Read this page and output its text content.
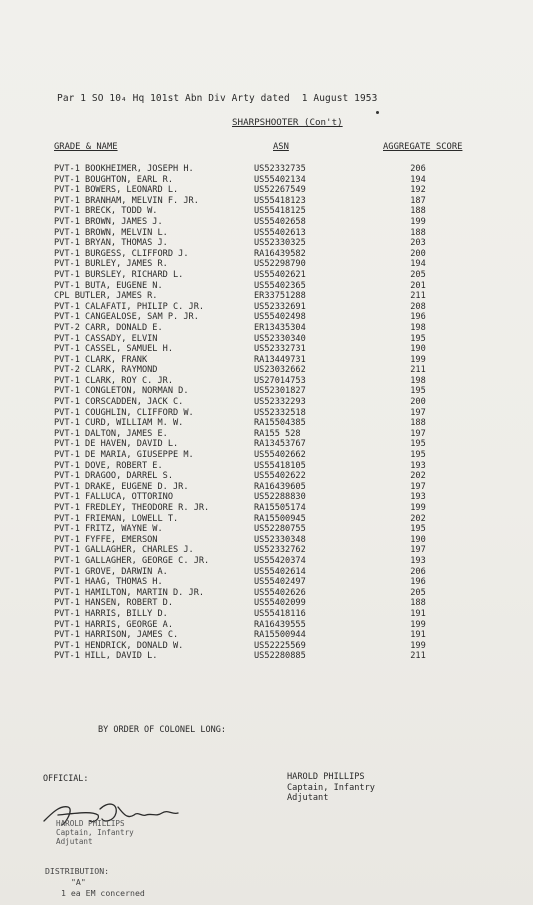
Par 1 SO 10₄ Hq 101st Abn Div Arty dated 1 August 1953
SHARPSHOOTER (Con't)
GRADE & NAME	ASN	AGGREGATE SCORE
PVT-1 BOOKHEIMER, JOSEPH H.	US52332735	206
PVT-1 BOUGHTON, EARL R.	US55402134	194
PVT-1 BOWERS, LEONARD L.	US52267549	192
PVT-1 BRANHAM, MELVIN F. JR.	US55418123	187
PVT-1 BRECK, TODD W.	US55418125	188
PVT-1 BROWN, JAMES J.	US55402658	199
PVT-1 BROWN, MELVIN L.	US55402613	188
PVT-1 BRYAN, THOMAS J.	US52330325	203
PVT-1 BURGESS, CLIFFORD J.	RA16439582	200
PVT-1 BURLEY, JAMES R.	US52298790	194
PVT-1 BURSLEY, RICHARD L.	US55402621	205
PVT-1 BUTA, EUGENE N.	US55402365	201
CPL BUTLER, JAMES R.	ER33751288	211
PVT-1 CALAFATI, PHILIP C. JR.	US52332691	208
PVT-1 CANGEALOSE, SAM P. JR.	US55402498	196
PVT-2 CARR, DONALD E.	ER13435304	198
PVT-1 CASSADY, ELVIN	US52330340	195
PVT-1 CASSEL, SAMUEL H.	US52332731	190
PVT-1 CLARK, FRANK	RA13449731	199
PVT-2 CLARK, RAYMOND	US23032662	211
PVT-1 CLARK, ROY C. JR.	US27014753	198
PVT-1 CONGLETON, NORMAN D.	US52301827	195
PVT-1 CORSCADDEN, JACK C.	US52332293	200
PVT-1 COUGHLIN, CLIFFORD W.	US52332518	197
PVT-1 CURD, WILLIAM M. W.	RA15504385	188
PVT-1 DALTON, JAMES E.	RA155 528	197
PVT-1 DE HAVEN, DAVID L.	RA13453767	195
PVT-1 DE MARIA, GIUSEPPE M.	US55402662	195
PVT-1 DOVE, ROBERT E.	US55418105	193
PVT-1 DRAGOO, DARREL S.	US55402622	202
PVT-1 DRAKE, EUGENE D. JR.	RA16439605	197
PVT-1 FALLUCA, OTTORINO	US52288830	193
PVT-1 FREDLEY, THEODORE R. JR.	RA15505174	199
PVT-1 FRIEMAN, LOWELL T.	RA15500945	202
PVT-1 FRITZ, WAYNE W.	US52280755	195
PVT-1 FYFFE, EMERSON	US52330348	190
PVT-1 GALLAGHER, CHARLES J.	US52332762	197
PVT-1 GALLAGHER, GEORGE C. JR.	US55420374	193
PVT-1 GROVE, DARWIN A.	US55402614	206
PVT-1 HAAG, THOMAS H.	US55402497	196
PVT-1 HAMILTON, MARTIN D. JR.	US55402626	205
PVT-1 HANSEN, ROBERT D.	US55402099	188
PVT-1 HARRIS, BILLY D.	US55418116	191
PVT-1 HARRIS, GEORGE A.	RA16439555	199
PVT-1 HARRISON, JAMES C.	RA15500944	191
PVT-1 HENDRICK, DONALD W.	US52225569	199
PVT-1 HILL, DAVID L.	US52280885	211
BY ORDER OF COLONEL LONG:
OFFICIAL:
HAROLD PHILLIPS
Captain, Infantry
Adjutant
HAROLD PHILLIPS
Captain, Infantry
Adjutant
DISTRIBUTION:
"A"
1 ea EM concerned
